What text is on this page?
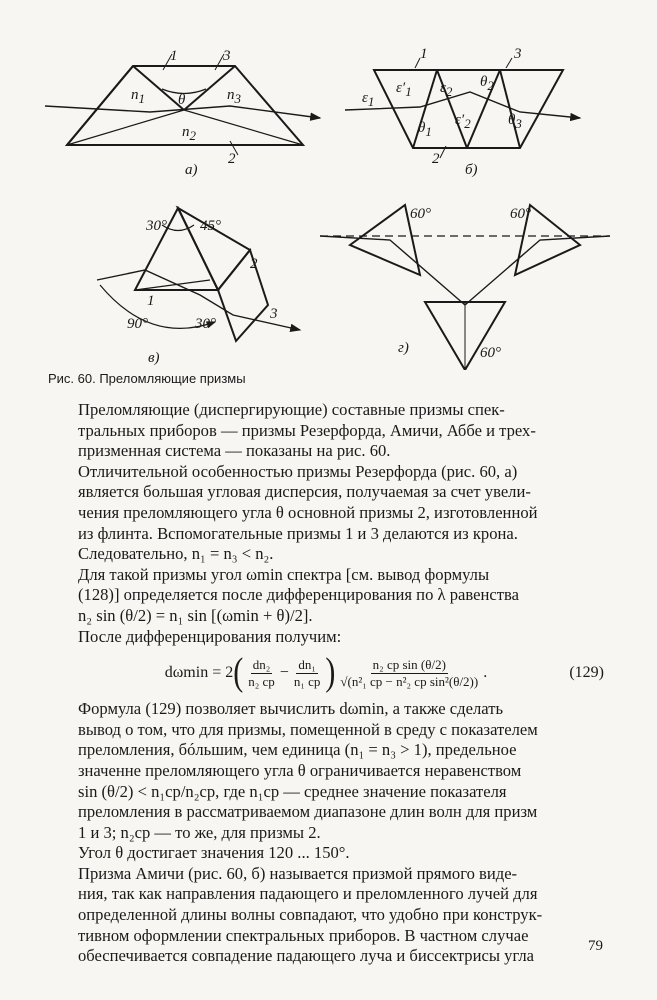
1	3
2
n1	n3
n2
θ
a)
1	3
2
ε1
ε′1 ε2
ε′2
θ1
θ2
θ3
б)
30° 45°
2
1
3
90°	30°
в)
60°	60°
60°
г)
Рис. 60. Преломляющие призмы

Преломляющие (диспергирующие) составные призмы спек-
тральных приборов — призмы Резерфорда, Амичи, Аббе и трех-
призменная система — показаны на рис. 60.

Отличительной особенностью призмы Резерфорда (рис. 60, а)
является большая угловая дисперсия, получаемая за счет увели-
чения преломляющего угла θ основной призмы 2, изготовленной
из флинта. Вспомогательные призмы 1 и 3 делаются из крона.
Следовательно, n₁ = n₃ < n₂.

Для такой призмы угол ωmin спектра [см. вывод формулы
(128)] определяется после дифференцирования по λ равенства
n₂ sin (θ/2) = n₁ sin [(ωmin + θ)/2].

После дифференцирования получим:

dωmin = 2 ( $\frac{\text{dn₂}}{\text{n₂ ср}} - \frac{\text{dn₁}}{\text{n₁ ср}}$ ) $\frac{\text{n₂ ср sin (θ/2)}}{\text{√(n²₁ ср − n²₂ ср sin²(θ/2))}}$ .	(129)

Формула (129) позволяет вычислить dωmin, а также сделать
вывод о том, что для призмы, помещенной в среду с показателем
преломления, бóльшим, чем единица (n₁ = n₃ > 1), предельное
значенне преломляющего угла θ ограничивается неравенством
sin (θ/2) < n₁ср/n₂ср, где n₁ср — среднее значение показателя
преломления в рассматриваемом диапазоне длин волн для призм
1 и 3; n₂ср — то же, для призмы 2.

Угол θ достигает значения 120 ... 150°.

Призма Амичи (рис. 60, б) называется призмой прямого виде-
ния, так как направления падающего и преломленного лучей для
определенной длины волны совпадают, что удобно при конструк-
тивном оформлении спектральных приборов. В частном случае
обеспечивается совпадение падающего луча и биссектрисы угла

79
